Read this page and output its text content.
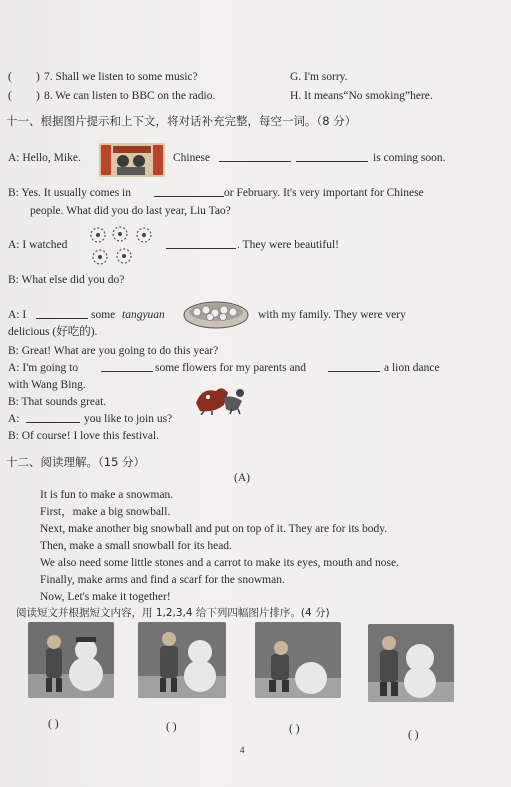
( ) 7. Shall we listen to some music?	G. I'm sorry.
( ) 8. We can listen to BBC on the radio.	H. It means“No smoking”here.
十一、根据图片提示和上下文，将对话补充完整，每空一词。（8 分）
A: Hello, Mike.	Chinese	is coming soon.
B: Yes. It usually comes in	or February. It's very important for Chinese
people. What did you do last year, Liu Tao?
A: I watched	. They were beautiful!
B: What else did you do?
A: I	some tangyuan	with my family. They were very
delicious (好吃的).
B: Great! What are you going to do this year?
A: I'm going to	some flowers for my parents and	a lion dance
with Wang Bing.
B: That sounds great.
A:	you like to join us?
B: Of course! I love this festival.
十二、阅读理解。（15 分）
(A)
It is fun to make a snowman.
First，make a big snowball.
Next, make another big snowball and put on top of it. They are for its body.
Then, make a small snowball for its head.
We also need some little stones and a carrot to make its eyes, mouth and nose.
Finally, make arms and find a scarf for the snowman.
Now, Let's make it together!
阅读短文并根据短文内容，用 1,2,3,4 给下列四幅图片排序。(4 分)
( )	( )	( )	( )
4
